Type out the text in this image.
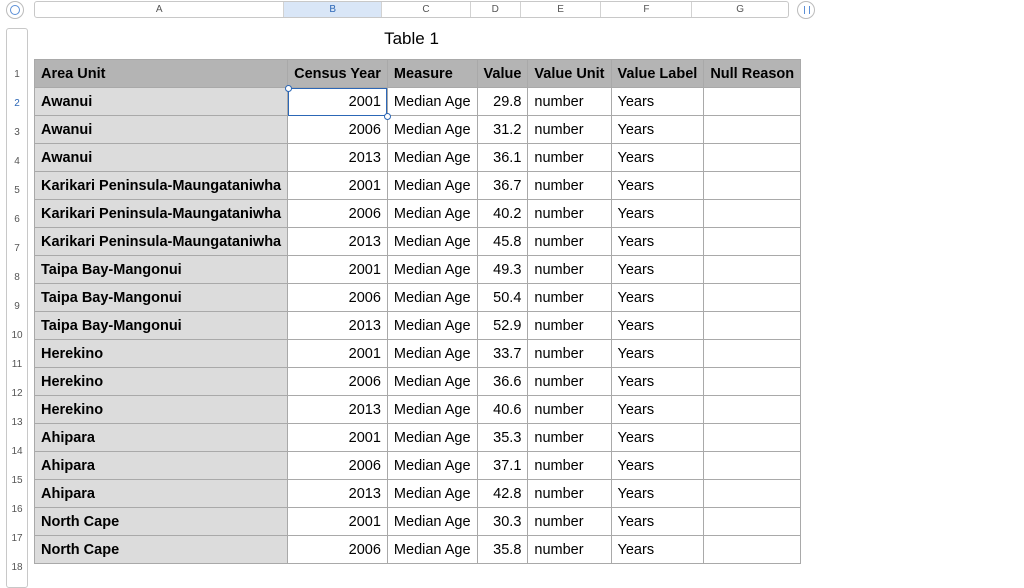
A	B	C	D	E	F	G
1
2
3
4
5
6
7
8
9
10
11
12
13
14
15
16
17
18
Table 1
Area Unit	Census Year	Measure	Value	Value Unit	Value Label	Null Reason
Awanui	2001	Median Age	29.8	number	Years	
Awanui	2006	Median Age	31.2	number	Years	
Awanui	2013	Median Age	36.1	number	Years	
Karikari Peninsula-Maungataniwha	2001	Median Age	36.7	number	Years	
Karikari Peninsula-Maungataniwha	2006	Median Age	40.2	number	Years	
Karikari Peninsula-Maungataniwha	2013	Median Age	45.8	number	Years	
Taipa Bay-Mangonui	2001	Median Age	49.3	number	Years	
Taipa Bay-Mangonui	2006	Median Age	50.4	number	Years	
Taipa Bay-Mangonui	2013	Median Age	52.9	number	Years	
Herekino	2001	Median Age	33.7	number	Years	
Herekino	2006	Median Age	36.6	number	Years	
Herekino	2013	Median Age	40.6	number	Years	
Ahipara	2001	Median Age	35.3	number	Years	
Ahipara	2006	Median Age	37.1	number	Years	
Ahipara	2013	Median Age	42.8	number	Years	
North Cape	2001	Median Age	30.3	number	Years	
North Cape	2006	Median Age	35.8	number	Years	
